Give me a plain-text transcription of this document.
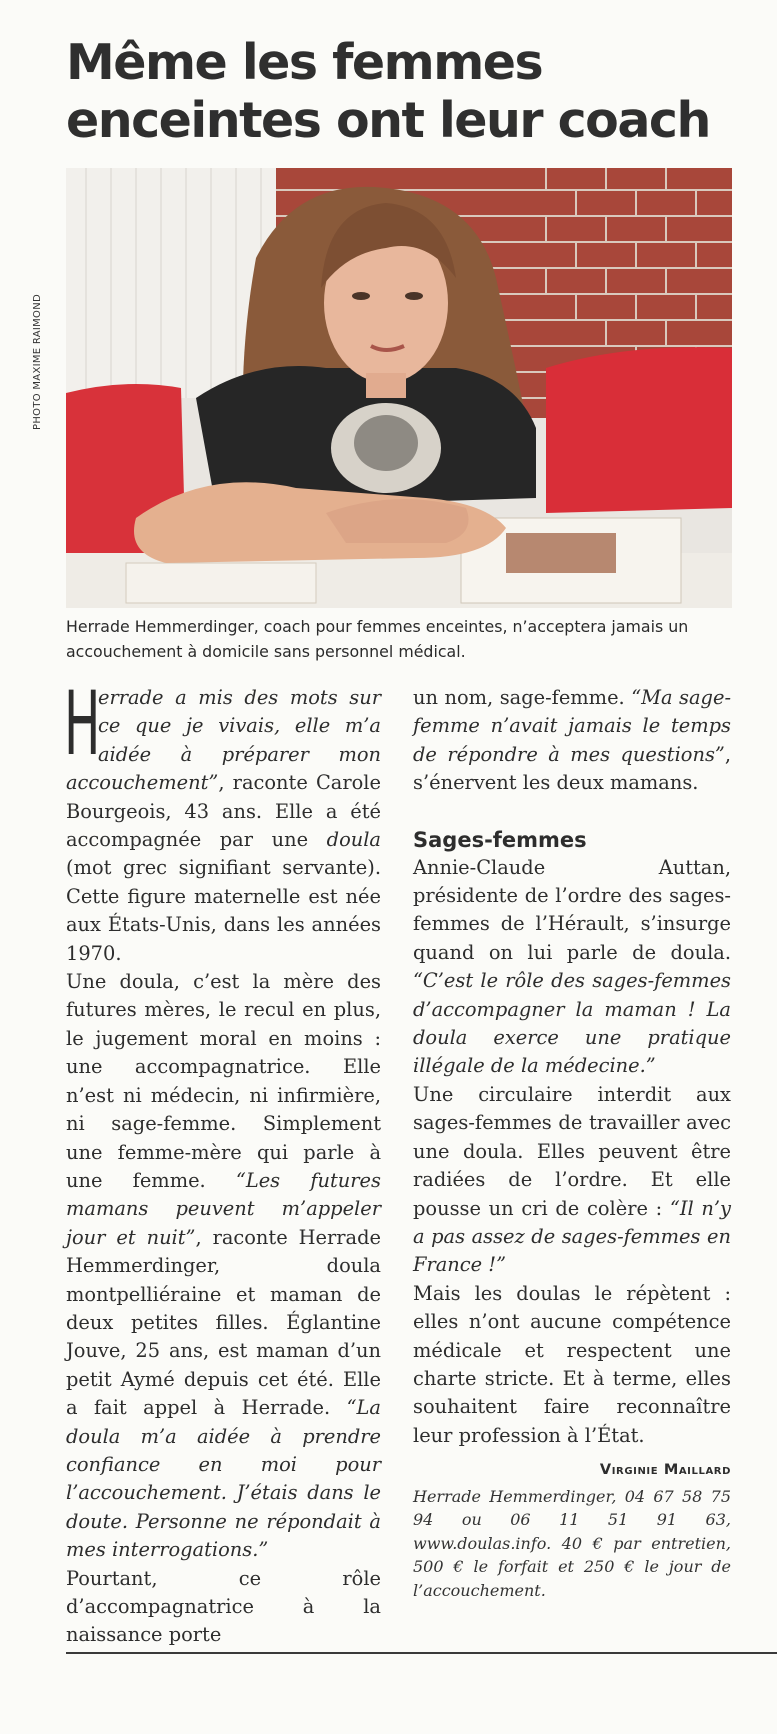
Même les femmes enceintes ont leur coach
PHOTO MAXIME RAIMOND

Herrade Hemmerdinger, coach pour femmes enceintes, n’acceptera jamais un accouchement à domicile sans personnel médical.

H
errade a mis des mots sur ce que je vivais, elle m’a aidée à préparer mon accouchement”, raconte Carole Bourgeois, 43 ans. Elle a été accompagnée par une doula (mot grec signifiant servante). Cette figure maternelle est née aux États-Unis, dans les années 1970.

Une doula, c’est la mère des futures mères, le recul en plus, le jugement moral en moins : une accompagnatrice. Elle n’est ni médecin, ni infirmière, ni sage-femme. Simplement une femme-mère qui parle à une femme. “Les futures mamans peuvent m’appeler jour et nuit”, raconte Herrade Hemmerdinger, doula montpelliéraine et maman de deux petites filles. Églantine Jouve, 25 ans, est maman d’un petit Aymé depuis cet été. Elle a fait appel à Herrade. “La doula m’a aidée à prendre confiance en moi pour l’accouchement. J’étais dans le doute. Personne ne répondait à mes interrogations.”

Pourtant, ce rôle d’accompagnatrice à la naissance porte

un nom, sage-femme. “Ma sage-femme n’avait jamais le temps de répondre à mes questions”, s’énervent les deux mamans.

Sages-femmes

Annie-Claude Auttan, présidente de l’ordre des sages-femmes de l’Hérault, s’insurge quand on lui parle de doula. “C’est le rôle des sages-femmes d’accompagner la maman ! La doula exerce une pratique illégale de la médecine.”

Une circulaire interdit aux sages-femmes de travailler avec une doula. Elles peuvent être radiées de l’ordre. Et elle pousse un cri de colère : “Il n’y a pas assez de sages-femmes en France !”

Mais les doulas le répètent : elles n’ont aucune compétence médicale et respectent une charte stricte. Et à terme, elles souhaitent faire reconnaître leur profession à l’État.

Virginie Maillard

Herrade Hemmerdinger, 04 67 58 75 94 ou 06 11 51 91 63, www.doulas.info. 40 € par entretien, 500 € le forfait et 250 € le jour de l’accouchement.
